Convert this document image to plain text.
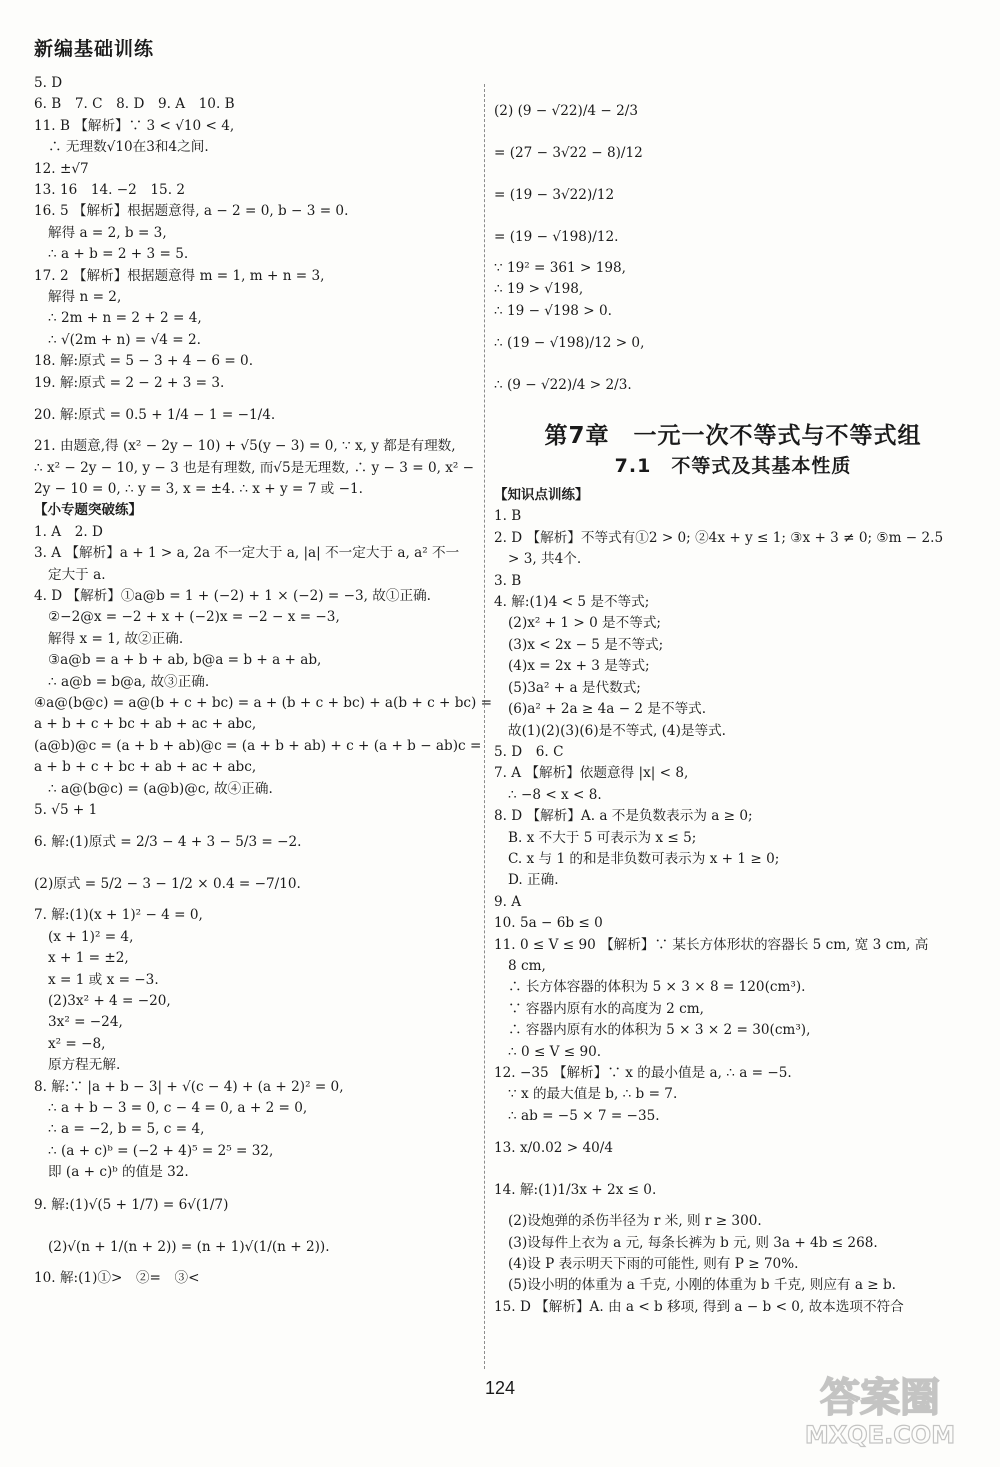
新编基础训练
5. D
6. B　7. C　8. D　9. A　10. B
11. B 【解析】∵ 3 < √10 < 4,
∴ 无理数√10在3和4之间.
12. ±√7
13. 16　14. −2　15. 2
16. 5 【解析】根据题意得, a − 2 = 0, b − 3 = 0.
解得 a = 2, b = 3,
∴ a + b = 2 + 3 = 5.
17. 2 【解析】根据题意得 m = 1, m + n = 3,
解得 n = 2,
∴ 2m + n = 2 + 2 = 4,
∴ √(2m + n) = √4 = 2.
18. 解:原式 = 5 − 3 + 4 − 6 = 0.
19. 解:原式 = 2 − 2 + 3 = 3.
20. 解:原式 = 0.5 + 1/4 − 1 = −1/4.
21. 由题意,得 (x² − 2y − 10) + √5(y − 3) = 0, ∵ x, y 都是有理数,
∴ x² − 2y − 10, y − 3 也是有理数, 而√5是无理数, ∴ y − 3 = 0, x² −
2y − 10 = 0, ∴ y = 3, x = ±4. ∴ x + y = 7 或 −1.
【小专题突破练】
1. A　2. D
3. A 【解析】a + 1 > a, 2a 不一定大于 a, |a| 不一定大于 a, a² 不一
定大于 a.
4. D 【解析】①a@b = 1 + (−2) + 1 × (−2) = −3, 故①正确.
②−2@x = −2 + x + (−2)x = −2 − x = −3,
解得 x = 1, 故②正确.
③a@b = a + b + ab, b@a = b + a + ab,
∴ a@b = b@a, 故③正确.
④a@(b@c) = a@(b + c + bc) = a + (b + c + bc) + a(b + c + bc) =
a + b + c + bc + ab + ac + abc,
(a@b)@c = (a + b + ab)@c = (a + b + ab) + c + (a + b − ab)c =
a + b + c + bc + ab + ac + abc,
∴ a@(b@c) = (a@b)@c, 故④正确.
5. √5 + 1
6. 解:(1)原式 = 2/3 − 4 + 3 − 5/3 = −2.
(2)原式 = 5/2 − 3 − 1/2 × 0.4 = −7/10.
7. 解:(1)(x + 1)² − 4 = 0,
(x + 1)² = 4,
x + 1 = ±2,
x = 1 或 x = −3.
(2)3x² + 4 = −20,
3x² = −24,
x² = −8,
原方程无解.
8. 解:∵ |a + b − 3| + √(c − 4) + (a + 2)² = 0,
∴ a + b − 3 = 0, c − 4 = 0, a + 2 = 0,
∴ a = −2, b = 5, c = 4,
∴ (a + c)ᵇ = (−2 + 4)⁵ = 2⁵ = 32,
即 (a + c)ᵇ 的值是 32.
9. 解:(1)√(5 + 1/7) = 6√(1/7)
(2)√(n + 1/(n + 2)) = (n + 1)√(1/(n + 2)).
10. 解:(1)①>　②=　③<
(2) (9 − √22)/4 − 2/3
= (27 − 3√22 − 8)/12
= (19 − 3√22)/12
= (19 − √198)/12.
∵ 19² = 361 > 198,
∴ 19 > √198,
∴ 19 − √198 > 0.
∴ (19 − √198)/12 > 0,
∴ (9 − √22)/4 > 2/3.
第7章　一元一次不等式与不等式组
7.1　不等式及其基本性质
【知识点训练】
1. B
2. D 【解析】不等式有①2 > 0; ②4x + y ≤ 1; ③x + 3 ≠ 0; ⑤m − 2.5
> 3, 共4个.
3. B
4. 解:(1)4 < 5 是不等式;
(2)x² + 1 > 0 是不等式;
(3)x < 2x − 5 是不等式;
(4)x = 2x + 3 是等式;
(5)3a² + a 是代数式;
(6)a² + 2a ≥ 4a − 2 是不等式.
故(1)(2)(3)(6)是不等式, (4)是等式.
5. D　6. C
7. A 【解析】依题意得 |x| < 8,
∴ −8 < x < 8.
8. D 【解析】A. a 不是负数表示为 a ≥ 0;
B. x 不大于 5 可表示为 x ≤ 5;
C. x 与 1 的和是非负数可表示为 x + 1 ≥ 0;
D. 正确.
9. A
10. 5a − 6b ≤ 0
11. 0 ≤ V ≤ 90 【解析】∵ 某长方体形状的容器长 5 cm, 宽 3 cm, 高
8 cm,
∴ 长方体容器的体积为 5 × 3 × 8 = 120(cm³).
∵ 容器内原有水的高度为 2 cm,
∴ 容器内原有水的体积为 5 × 3 × 2 = 30(cm³),
∴ 0 ≤ V ≤ 90.
12. −35 【解析】∵ x 的最小值是 a, ∴ a = −5.
∵ x 的最大值是 b, ∴ b = 7.
∴ ab = −5 × 7 = −35.
13. x/0.02 > 40/4
14. 解:(1)1/3x + 2x ≤ 0.
(2)设炮弹的杀伤半径为 r 米, 则 r ≥ 300.
(3)设每件上衣为 a 元, 每条长裤为 b 元, 则 3a + 4b ≤ 268.
(4)设 P 表示明天下雨的可能性, 则有 P ≥ 70%.
(5)设小明的体重为 a 千克, 小刚的体重为 b 千克, 则应有 a ≥ b.
15. D 【解析】A. 由 a < b 移项, 得到 a − b < 0, 故本选项不符合
124	答案圈
MXQE.COM
